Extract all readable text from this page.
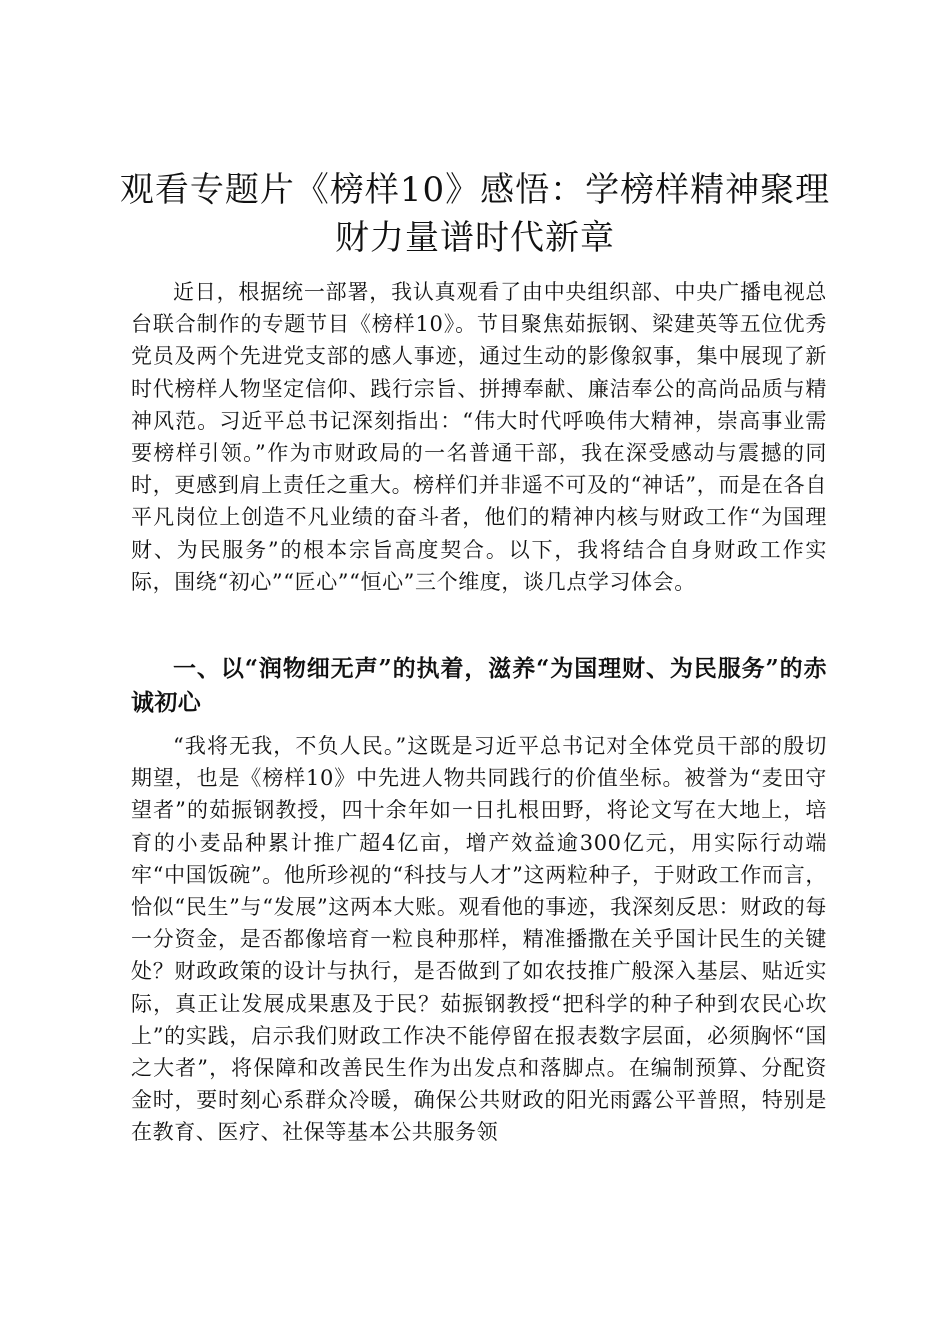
观看专题片《榜样10》感悟：学榜样精神聚理财力量谱时代新章

近日，根据统一部署，我认真观看了由中央组织部、中央广播电视总台联合制作的专题节目《榜样10》。节目聚焦茹振钢、梁建英等五位优秀党员及两个先进党支部的感人事迹，通过生动的影像叙事，集中展现了新时代榜样人物坚定信仰、践行宗旨、拼搏奉献、廉洁奉公的高尚品质与精神风范。习近平总书记深刻指出：“伟大时代呼唤伟大精神，崇高事业需要榜样引领。”作为市财政局的一名普通干部，我在深受感动与震撼的同时，更感到肩上责任之重大。榜样们并非遥不可及的“神话”，而是在各自平凡岗位上创造不凡业绩的奋斗者，他们的精神内核与财政工作“为国理财、为民服务”的根本宗旨高度契合。以下，我将结合自身财政工作实际，围绕“初心”“匠心”“恒心”三个维度，谈几点学习体会。

一、以“润物细无声”的执着，滋养“为国理财、为民服务”的赤诚初心

“我将无我，不负人民。”这既是习近平总书记对全体党员干部的殷切期望，也是《榜样10》中先进人物共同践行的价值坐标。被誉为“麦田守望者”的茹振钢教授，四十余年如一日扎根田野，将论文写在大地上，培育的小麦品种累计推广超4亿亩，增产效益逾300亿元，用实际行动端牢“中国饭碗”。他所珍视的“科技与人才”这两粒种子，于财政工作而言，恰似“民生”与“发展”这两本大账。观看他的事迹，我深刻反思：财政的每一分资金，是否都像培育一粒良种那样，精准播撒在关乎国计民生的关键处？财政政策的设计与执行，是否做到了如农技推广般深入基层、贴近实际，真正让发展成果惠及于民？茹振钢教授“把科学的种子种到农民心坎上”的实践，启示我们财政工作决不能停留在报表数字层面，必须胸怀“国之大者”，将保障和改善民生作为出发点和落脚点。在编制预算、分配资金时，要时刻心系群众冷暖，确保公共财政的阳光雨露公平普照，特别是在教育、医疗、社保等基本公共服务领
